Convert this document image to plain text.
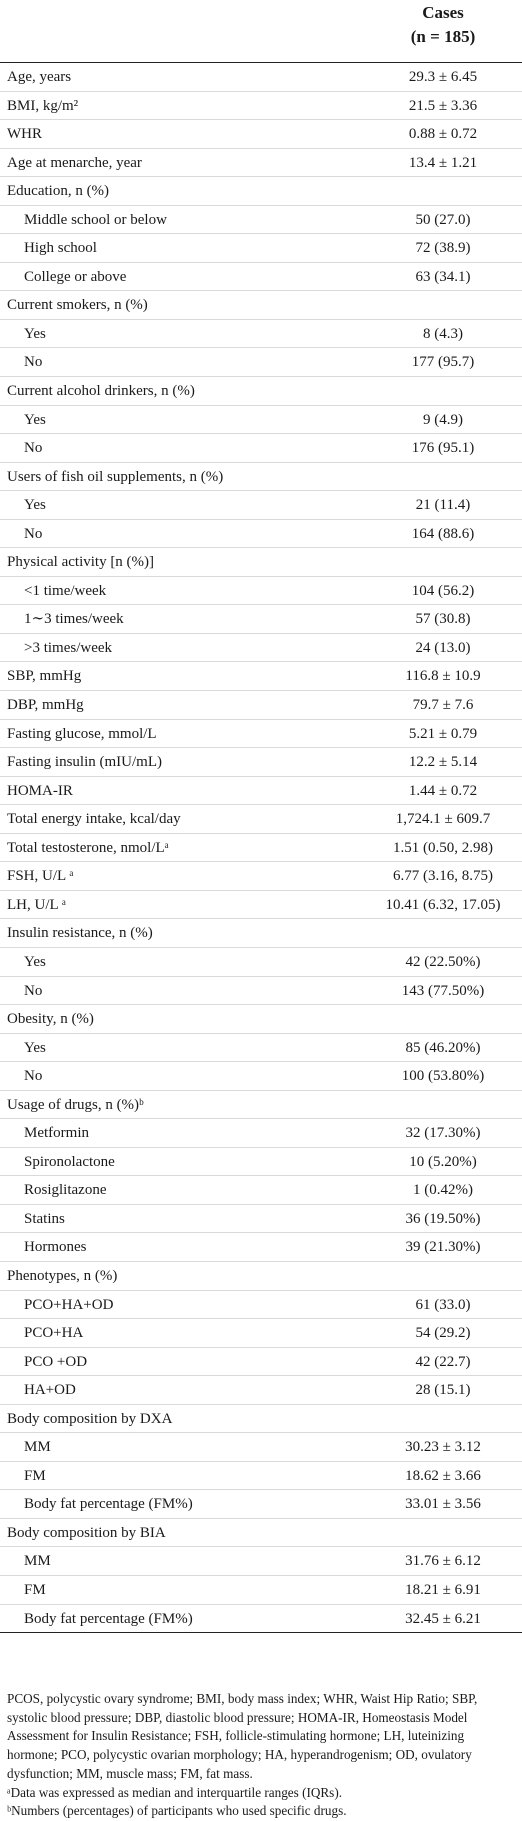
Cases
(n = 185)
Age, years	29.3 ± 6.45
BMI, kg/m²	21.5 ± 3.36
WHR	0.88 ± 0.72
Age at menarche, year	13.4 ± 1.21
Education, n (%)
Middle school or below	50 (27.0)
High school	72 (38.9)
College or above	63 (34.1)
Current smokers, n (%)
Yes	8 (4.3)
No	177 (95.7)
Current alcohol drinkers, n (%)
Yes	9 (4.9)
No	176 (95.1)
Users of fish oil supplements, n (%)
Yes	21 (11.4)
No	164 (88.6)
Physical activity [n (%)]
<1 time/week	104 (56.2)
1∼3 times/week	57 (30.8)
>3 times/week	24 (13.0)
SBP, mmHg	116.8 ± 10.9
DBP, mmHg	79.7 ± 7.6
Fasting glucose, mmol/L	5.21 ± 0.79
Fasting insulin (mIU/mL)	12.2 ± 5.14
HOMA-IR	1.44 ± 0.72
Total energy intake, kcal/day	1,724.1 ± 609.7
Total testosterone, nmol/Lᵃ	1.51 (0.50, 2.98)
FSH, U/L ᵃ	6.77 (3.16, 8.75)
LH, U/L ᵃ	10.41 (6.32, 17.05)
Insulin resistance, n (%)
Yes	42 (22.50%)
No	143 (77.50%)
Obesity, n (%)
Yes	85 (46.20%)
No	100 (53.80%)
Usage of drugs, n (%)ᵇ
Metformin	32 (17.30%)
Spironolactone	10 (5.20%)
Rosiglitazone	1 (0.42%)
Statins	36 (19.50%)
Hormones	39 (21.30%)
Phenotypes, n (%)
PCO+HA+OD	61 (33.0)
PCO+HA	54 (29.2)
PCO +OD	42 (22.7)
HA+OD	28 (15.1)
Body composition by DXA
MM	30.23 ± 3.12
FM	18.62 ± 3.66
Body fat percentage (FM%)	33.01 ± 3.56
Body composition by BIA
MM	31.76 ± 6.12
FM	18.21 ± 6.91
Body fat percentage (FM%)	32.45 ± 6.21

PCOS, polycystic ovary syndrome; BMI, body mass index; WHR, Waist Hip Ratio; SBP, systolic blood pressure; DBP, diastolic blood pressure; HOMA-IR, Homeostasis Model Assessment for Insulin Resistance; FSH, follicle-stimulating hormone; LH, luteinizing hormone; PCO, polycystic ovarian morphology; HA, hyperandrogenism; OD, ovulatory dysfunction; MM, muscle mass; FM, fat mass.

ᵃData was expressed as median and interquartile ranges (IQRs).

ᵇNumbers (percentages) of participants who used specific drugs.
